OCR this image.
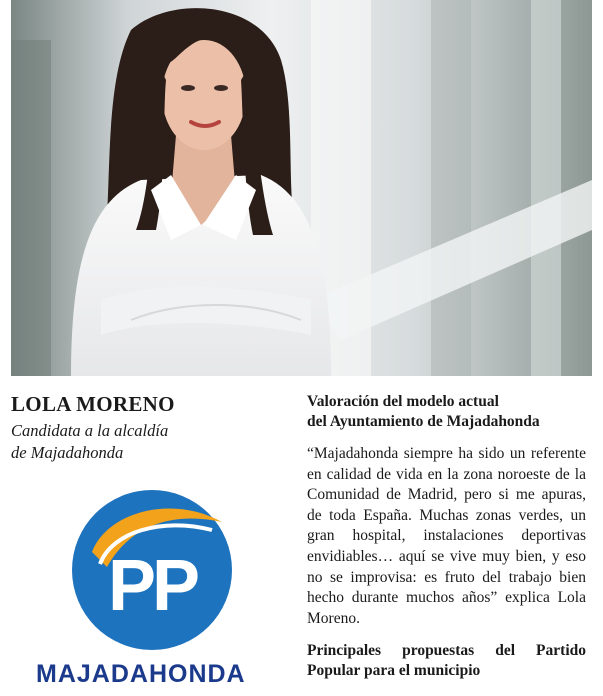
LOLA MORENO

Candidata a la alcaldía
de Majadahonda

PP
MAJADAHONDA
Valoración del modelo actual
del Ayuntamiento de Majadahonda

“Majadahonda siempre ha sido un referente en calidad de vida en la zona noroeste de la Comunidad de Madrid, pero si me apuras, de toda España. Muchas zonas verdes, un gran hospital, instalaciones deportivas envidiables… aquí se vive muy bien, y eso no se improvisa: es fruto del trabajo bien hecho durante muchos años” explica Lola Moreno.

Principales propuestas del Partido Popular para el municipio
